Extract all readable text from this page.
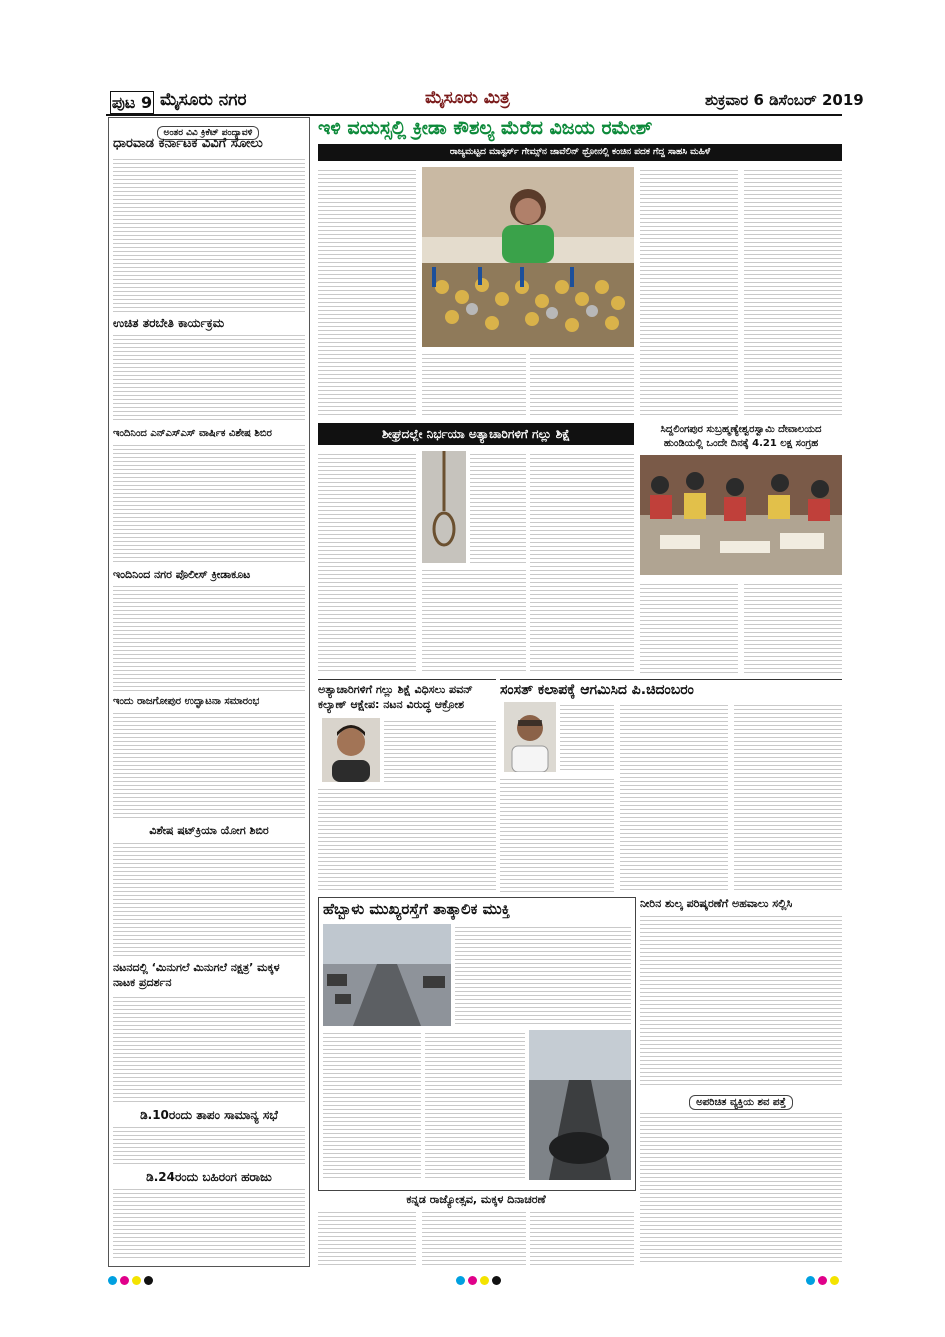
ಪುಟ 9 ಮೈಸೂರು ನಗರ	ಮೈಸೂರು ಮಿತ್ರ	ಶುಕ್ರವಾರ 6 ಡಿಸೆಂಬರ್ 2019
ಅಂತರ ವಿವಿ ಕ್ರಿಕೆಟ್ ಪಂದ್ಯಾವಳಿ
ಧಾರವಾಡ ಕರ್ನಾಟಕ ವಿವಿಗೆ ಸೋಲು
ಉಚಿತ ತರಬೇತಿ ಕಾರ್ಯಕ್ರಮ
ಇಂದಿನಿಂದ ಎನ್‌ಎಸ್‌ಎಸ್ ವಾರ್ಷಿಕ ವಿಶೇಷ ಶಿಬಿರ
ಇಂದಿನಿಂದ ನಗರ ಪೊಲೀಸ್ ಕ್ರೀಡಾಕೂಟ
ಇಂದು ರಾಜಗೋಪುರ ಉದ್ಘಾಟನಾ ಸಮಾರಂಭ
ವಿಶೇಷ ಷಟ್‌ಕ್ರಿಯಾ ಯೋಗ ಶಿಬಿರ
ನಟನದಲ್ಲಿ ‘ಮಿನುಗಲೆ ಮಿನುಗಲೆ ನಕ್ಷತ್ರ’ ಮಕ್ಕಳ ನಾಟಕ ಪ್ರದರ್ಶನ
ಡಿ.10ರಂದು ತಾಪಂ ಸಾಮಾನ್ಯ ಸಭೆ
ಡಿ.24ರಂದು ಬಹಿರಂಗ ಹರಾಜು
ಇಳಿ ವಯಸ್ಸಲ್ಲಿ ಕ್ರೀಡಾ ಕೌಶಲ್ಯ ಮೆರೆದ ವಿಜಯ ರಮೇಶ್
ರಾಜ್ಯಮಟ್ಟದ ಮಾಸ್ಟರ್ಸ್ ಗೇಮ್ಸ್‌ನ ಜಾವೆಲಿನ್ ಥ್ರೋನಲ್ಲಿ ಕಂಚಿನ ಪದಕ ಗೆದ್ದ ಸಾಹಸಿ ಮಹಿಳೆ
ಶೀಘ್ರದಲ್ಲೇ ನಿರ್ಭಯಾ ಅತ್ಯಾಚಾರಿಗಳಿಗೆ ಗಲ್ಲು ಶಿಕ್ಷೆ	ಸಿದ್ದಲಿಂಗಪುರ ಸುಬ್ರಹ್ಮಣ್ಯೇಶ್ವರಸ್ವಾಮಿ ದೇವಾಲಯದ ಹುಂಡಿಯಲ್ಲಿ ಒಂದೇ ದಿನಕ್ಕೆ 4.21 ಲಕ್ಷ ಸಂಗ್ರಹ
ಅತ್ಯಾಚಾರಿಗಳಿಗೆ ಗಲ್ಲು ಶಿಕ್ಷೆ ವಿಧಿಸಲು ಪವನ್ ಕಲ್ಯಾಣ್ ಆಕ್ಷೇಪ: ನಟನ ವಿರುದ್ಧ ಆಕ್ರೋಶ
ಸಂಸತ್ ಕಲಾಪಕ್ಕೆ ಆಗಮಿಸಿದ ಪಿ.ಚಿದಂಬರಂ
ಹೆಬ್ಬಾಳು ಮುಖ್ಯರಸ್ತೆಗೆ ತಾತ್ಕಾಲಿಕ ಮುಕ್ತಿ	ನೀರಿನ ಶುಲ್ಕ ಪರಿಷ್ಕರಣೆಗೆ ಅಹವಾಲು ಸಲ್ಲಿಸಿ
ಅಪರಿಚಿತ ವ್ಯಕ್ತಿಯ ಶವ ಪತ್ತೆ
ಕನ್ನಡ ರಾಜ್ಯೋತ್ಸವ, ಮಕ್ಕಳ ದಿನಾಚರಣೆ
